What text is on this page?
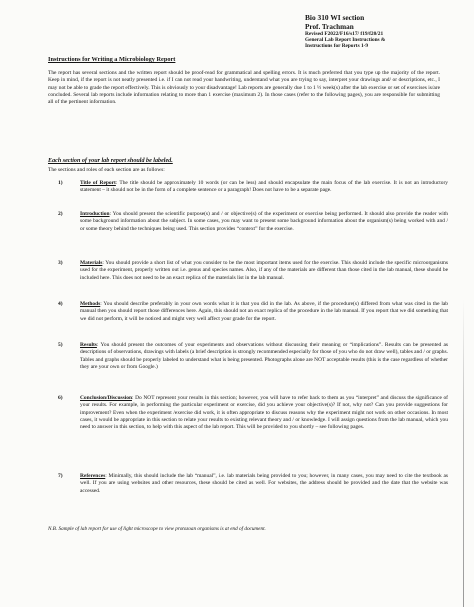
Bio 310 WI section
Prof. Trachman
Revised F2022/F16/s17/ f19/f20/21
General Lab Report Instructions &
Instructions for Reports 1-9
Instructions for Writing a Microbiology Report
The report has several sections and the written report should be proof-read for grammatical and spelling errors. It is much preferred that you type up the majority of the report. Keep in mind, if the report is not neatly presented i.e. if I can not read your handwriting, understand what you are trying to say, interpret your drawings and/ or descriptions, etc., I may not be able to grade the report effectively. This is obviously to your disadvantage! Lab reports are generally due 1 to 1 ½ week(s) after the lab exercise or set of exercises is/are concluded. Several lab reports include information relating to more than 1 exercise (maximum 2). In those cases (refer to the following pages), you are responsible for submitting all of the pertinent information.
Each section of your lab report should be labeled.
The sections and roles of each section are as follows:
1)	Title of Report: The title should be approximately 10 words (or can be less) and should encapsulate the main focus of the lab exercise. It is not an introductory statement – it should not be in the form of a complete sentence or a paragraph! Does not have to be a separate page.
2)	Introduction: You should present the scientific purpose(s) and / or objective(s) of the experiment or exercise being performed. It should also provide the reader with some background information about the subject. In some cases, you may want to present some background information about the organism(s) being worked with and / or some theory behind the techniques being used. This section provides “context” for the exercise.
3)	Materials: You should provide a short list of what you consider to be the most important items used for the exercise. This should include the specific microorganisms used for the experiment, properly written out i.e. genus and species names. Also, if any of the materials are different than those cited in the lab manual, these should be included here. This does not need to be an exact replica of the materials list in the lab manual.
4)	Methods: You should describe preferably in your own words what it is that you did in the lab. As above, if the procedure(s) differed from what was cited in the lab manual then you should report those differences here. Again, this should not an exact replica of the procedure in the lab manual. If you report that we did something that we did not perform, it will be noticed and might very well affect your grade for the report.
5)	Results: You should present the outcomes of your experiments and observations without discussing their meaning or “implications”. Results can be presented as descriptions of observations, drawings with labels (a brief description is strongly recommended especially for those of you who do not draw well), tables and / or graphs. Tables and graphs should be properly labeled to understand what is being presented. Photographs alone are NOT acceptable results (this is the case regardless of whether they are your own or from Google.)
6)	Conclusion/Discussion: Do NOT represent your results in this section; however, you will have to refer back to them as you “interpret” and discuss the significance of your results. For example, in performing the particular experiment or exercise, did you achieve your objective(s)? If not, why not? Can you provide suggestions for improvement? Even when the experiment /exercise did work, it is often appropriate to discuss reasons why the experiment might not work on other occasions. In most cases, it would be appropriate in this section to relate your results to existing relevant theory and / or knowledge. I will assign questions from the lab manual, which you need to answer in this section, to help with this aspect of the lab report. This will be provided to you shortly – see following pages.
7)	References: Minimally, this should include the lab “manual”, i.e. lab materials being provided to you; however, in many cases, you may need to cite the textbook as well. If you are using websites and other resources, these should be cited as well. For websites, the address should be provided and the date that the website was accessed.
N.B. Sample of lab report for use of light microscope to view protozoan organisms is at end of document.
